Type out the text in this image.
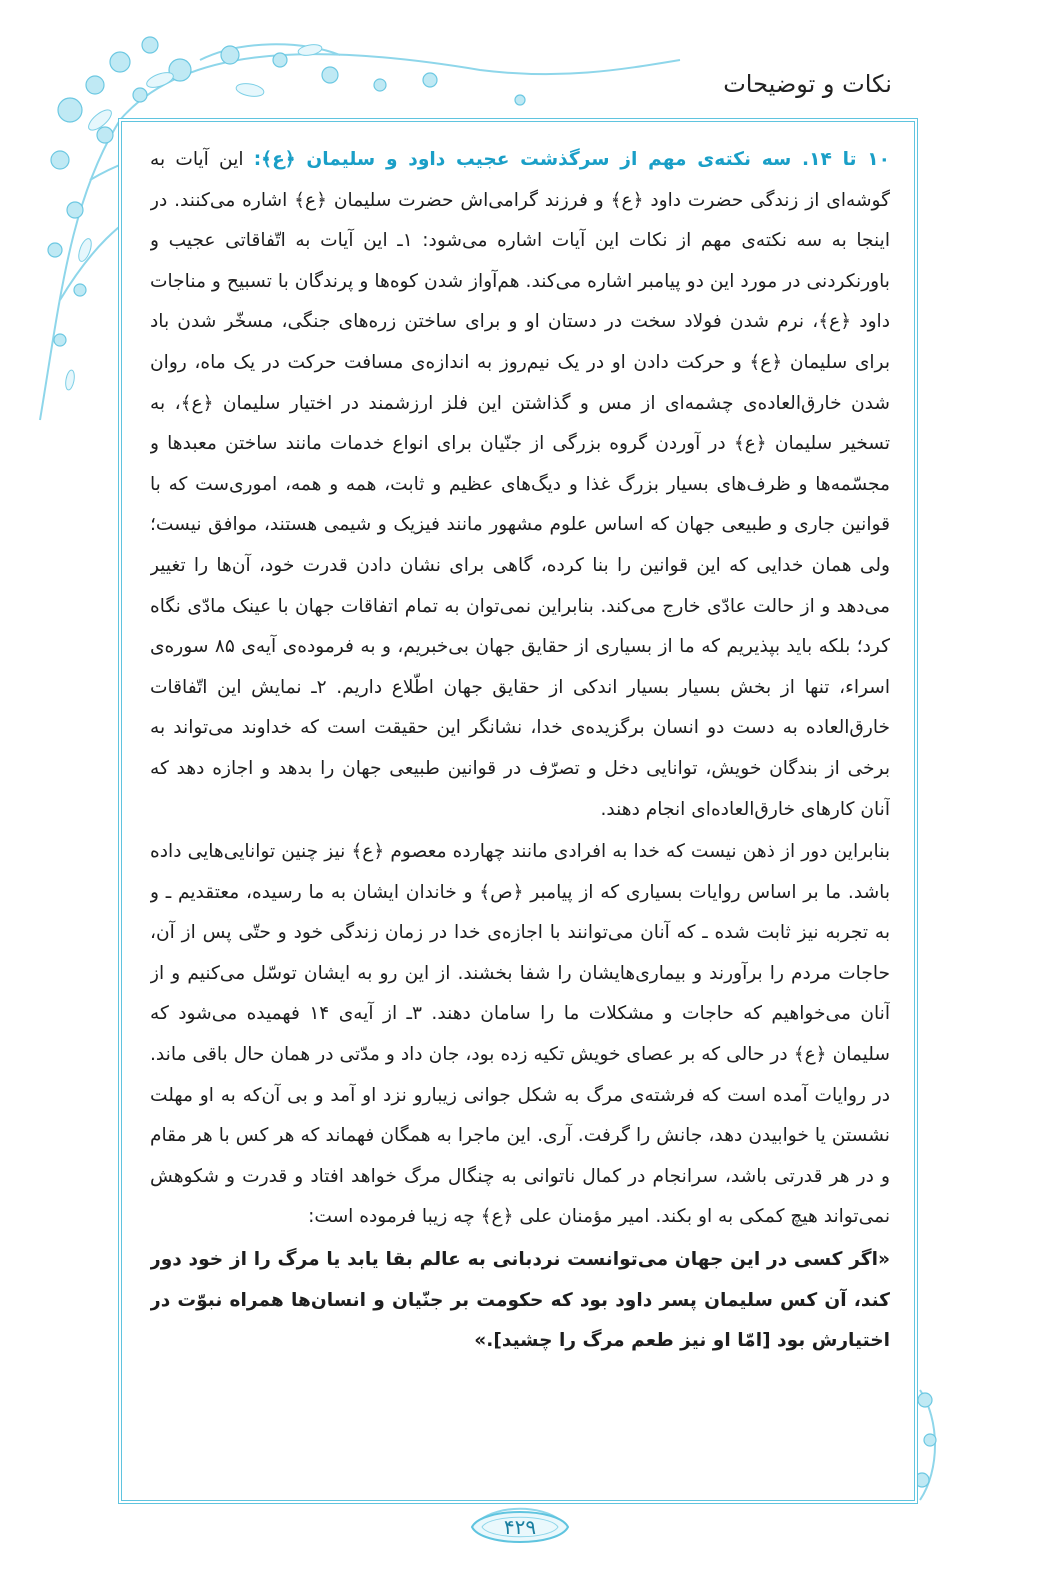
نکات و توضیحات

۱۰ تا ۱۴. سه نکته‌ی مهم از سرگذشت عجیب داود و سلیمان ﴿ع﴾: این آیات به گوشه‌ای از زندگی حضرت داود ﴿ع﴾ و فرزند گرامی‌اش حضرت سلیمان ﴿ع﴾ اشاره می‌کنند. در اینجا به سه نکته‌ی مهم از نکات این آیات اشاره می‌شود: ۱ـ این آیات به اتّفاقاتی عجیب و باورنکردنی در مورد این دو پیامبر اشاره می‌کند. هم‌آواز شدن کوه‌ها و پرندگان با تسبیح و مناجات داود ﴿ع﴾، نرم شدن فولاد سخت در دستان او و برای ساختن زره‌های جنگی، مسخّر شدن باد برای سلیمان ﴿ع﴾ و حرکت دادن او در یک نیم‌روز به اندازه‌ی مسافت حرکت در یک ماه، روان شدن خارق‌العاده‌ی چشمه‌ای از مس و گذاشتن این فلز ارزشمند در اختیار سلیمان ﴿ع﴾، به تسخیر سلیمان ﴿ع﴾ در آوردن گروه بزرگی از جنّیان برای انواع خدمات مانند ساختن معبدها و مجسّمه‌ها و ظرف‌های بسیار بزرگ غذا و دیگ‌های عظیم و ثابت، همه و همه، اموری‌ست که با قوانین جاری و طبیعی جهان که اساس علوم مشهور مانند فیزیک و شیمی هستند، موافق نیست؛ ولی همان خدایی که این قوانین را بنا کرده، گاهی برای نشان دادن قدرت خود، آن‌ها را تغییر می‌دهد و از حالت عادّی خارج می‌کند. بنابراین نمی‌توان به تمام اتفاقات جهان با عینک مادّی نگاه کرد؛ بلکه باید بپذیریم که ما از بسیاری از حقایق جهان بی‌خبریم، و به فرموده‌ی آیه‌ی ۸۵ سوره‌ی اسراء، تنها از بخش بسیار بسیار اندکی از حقایق جهان اطّلاع داریم. ۲ـ نمایش این اتّفاقات خارق‌العاده به دست دو انسان برگزیده‌ی خدا، نشانگر این حقیقت است که خداوند می‌تواند به برخی از بندگان خویش، توانایی دخل و تصرّف در قوانین طبیعی جهان را بدهد و اجازه دهد که آنان کارهای خارق‌العاده‌ای انجام دهند.

بنابراین دور از ذهن نیست که خدا به افرادی مانند چهارده معصوم ﴿ع﴾ نیز چنین توانایی‌هایی داده باشد. ما بر اساس روایات بسیاری که از پیامبر ﴿ص﴾ و خاندان ایشان به ما رسیده، معتقدیم ـ و به تجربه نیز ثابت شده ـ که آنان می‌توانند با اجازه‌ی خدا در زمان زندگی خود و حتّی پس از آن، حاجات مردم را برآورند و بیماری‌هایشان را شفا بخشند. از این رو به ایشان توسّل می‌کنیم و از آنان می‌خواهیم که حاجات و مشکلات ما را سامان دهند. ۳ـ از آیه‌ی ۱۴ فهمیده می‌شود که سلیمان ﴿ع﴾ در حالی که بر عصای خویش تکیه زده بود، جان داد و مدّتی در همان حال باقی ماند. در روایات آمده است که فرشته‌ی مرگ به شکل جوانی زیبارو نزد او آمد و بی آن‌که به او مهلت نشستن یا خوابیدن دهد، جانش را گرفت. آری. این ماجرا به همگان فهماند که هر کس با هر مقام و در هر قدرتی باشد، سرانجام در کمال ناتوانی به چنگال مرگ خواهد افتاد و قدرت و شکوهش نمی‌تواند هیچ کمکی به او بکند. امیر مؤمنان علی ﴿ع﴾ چه زیبا فرموده است:

«اگر کسی در این جهان می‌توانست نردبانی به عالم بقا یابد یا مرگ را از خود دور کند، آن کس سلیمان پسر داود بود که حکومت بر جنّیان و انسان‌ها همراه نبوّت در اختیارش بود [امّا او نیز طعم مرگ را چشید].»

۴۲۹
